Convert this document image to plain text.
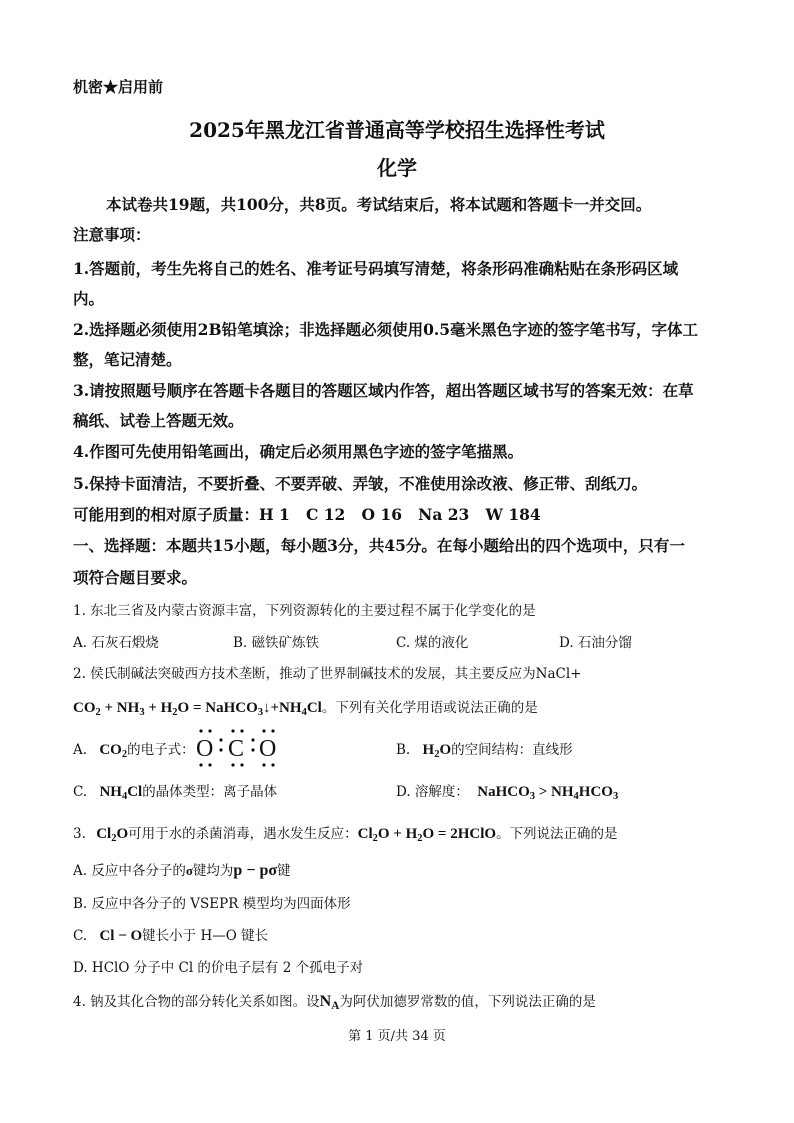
机密★启用前
2025年黑龙江省普通高等学校招生选择性考试
化学
本试卷共19题，共100分，共8页。考试结束后，将本试题和答题卡一并交回。
注意事项：
1.答题前，考生先将自己的姓名、准考证号码填写清楚，将条形码准确粘贴在条形码区域
内。
2.选择题必须使用2B铅笔填涂；非选择题必须使用0.5毫米黑色字迹的签字笔书写，字体工
整，笔记清楚。
3.请按照题号顺序在答题卡各题目的答题区域内作答，超出答题区域书写的答案无效：在草
稿纸、试卷上答题无效。
4.作图可先使用铅笔画出，确定后必须用黑色字迹的签字笔描黑。
5.保持卡面清洁，不要折叠、不要弄破、弄皱，不准使用涂改液、修正带、刮纸刀。
可能用到的相对原子质量：H 1   C 12   O 16   Na 23   W 184
一、选择题：本题共15小题，每小题3分，共45分。在每小题给出的四个选项中，只有一
项符合题目要求。
1. 东北三省及内蒙古资源丰富，下列资源转化的主要过程不属于化学变化的是
A. 石灰石煅烧	B. 磁铁矿炼铁	C. 煤的液化	D. 石油分馏
2. 侯氏制碱法突破西方技术垄断，推动了世界制碱技术的发展，其主要反应为NaCl+
$CO_2 + NH_3 + H_2O$ = $NaHCO_3↓+NH_4Cl$。下列有关化学用语或说法正确的是
A. $CO_2$的电子式： O C O	B. $H_2O$的空间结构：直线形
C. $NH_4Cl$的晶体类型：离子晶体	D. 溶解度： NaHCO$_3$ > $NH_4HCO_3$
3. $Cl_2O$可用于水的杀菌消毒，遇水发生反应：$Cl_2O + H_2O$ = 2HClO。下列说法正确的是
A. 反应中各分子的σ键均为p − pσ键
B. 反应中各分子的 VSEPR 模型均为四面体形
C. Cl − O键长小于 H—O 键长
D. HClO 分子中 Cl 的价电子层有 2 个孤电子对
4. 钠及其化合物的部分转化关系如图。设$N_A$为阿伏加德罗常数的值，下列说法正确的是
第 1 页/共 34 页
